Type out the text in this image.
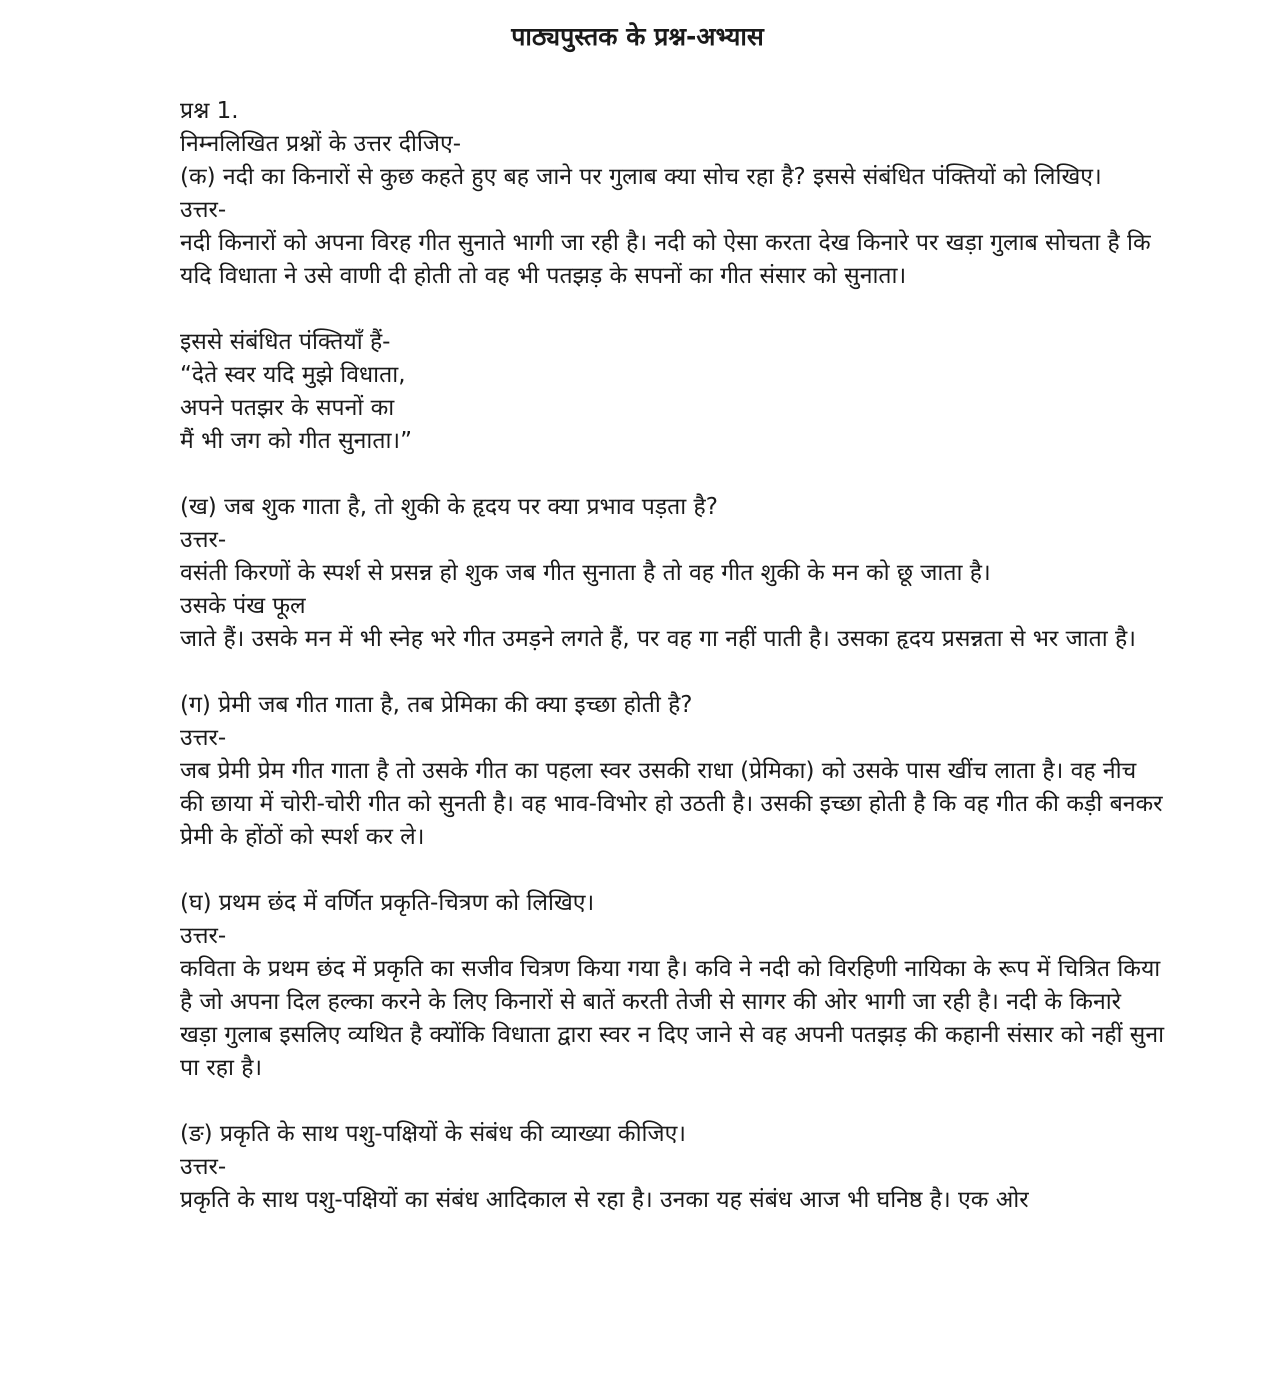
पाठ्यपुस्तक के प्रश्न-अभ्यास
प्रश्न 1.
निम्नलिखित प्रश्नों के उत्तर दीजिए-
(क) नदी का किनारों से कुछ कहते हुए बह जाने पर गुलाब क्या सोच रहा है? इससे संबंधित पंक्तियों को लिखिए।
उत्तर-
नदी किनारों को अपना विरह गीत सुनाते भागी जा रही है। नदी को ऐसा करता देख किनारे पर खड़ा गुलाब सोचता है कि यदि विधाता ने उसे वाणी दी होती तो वह भी पतझड़ के सपनों का गीत संसार को सुनाता।
इससे संबंधित पंक्तियाँ हैं-
“देते स्वर यदि मुझे विधाता,
अपने पतझर के सपनों का
मैं भी जग को गीत सुनाता।”
(ख) जब शुक गाता है, तो शुकी के हृदय पर क्या प्रभाव पड़ता है?
उत्तर-
वसंती किरणों के स्पर्श से प्रसन्न हो शुक जब गीत सुनाता है तो वह गीत शुकी के मन को छू जाता है।
उसके पंख फूल
जाते हैं। उसके मन में भी स्नेह भरे गीत उमड़ने लगते हैं, पर वह गा नहीं पाती है। उसका हृदय प्रसन्नता से भर जाता है।
(ग) प्रेमी जब गीत गाता है, तब प्रेमिका की क्या इच्छा होती है?
उत्तर-
जब प्रेमी प्रेम गीत गाता है तो उसके गीत का पहला स्वर उसकी राधा (प्रेमिका) को उसके पास खींच लाता है। वह नीच की छाया में चोरी-चोरी गीत को सुनती है। वह भाव-विभोर हो उठती है। उसकी इच्छा होती है कि वह गीत की कड़ी बनकर प्रेमी के होंठों को स्पर्श कर ले।
(घ) प्रथम छंद में वर्णित प्रकृति-चित्रण को लिखिए।
उत्तर-
कविता के प्रथम छंद में प्रकृति का सजीव चित्रण किया गया है। कवि ने नदी को विरहिणी नायिका के रूप में चित्रित किया है जो अपना दिल हल्का करने के लिए किनारों से बातें करती तेजी से सागर की ओर भागी जा रही है। नदी के किनारे खड़ा गुलाब इसलिए व्यथित है क्योंकि विधाता द्वारा स्वर न दिए जाने से वह अपनी पतझड़ की कहानी संसार को नहीं सुना पा रहा है।
(ङ) प्रकृति के साथ पशु-पक्षियों के संबंध की व्याख्या कीजिए।
उत्तर-
प्रकृति के साथ पशु-पक्षियों का संबंध आदिकाल से रहा है। उनका यह संबंध आज भी घनिष्ठ है। एक ओर
